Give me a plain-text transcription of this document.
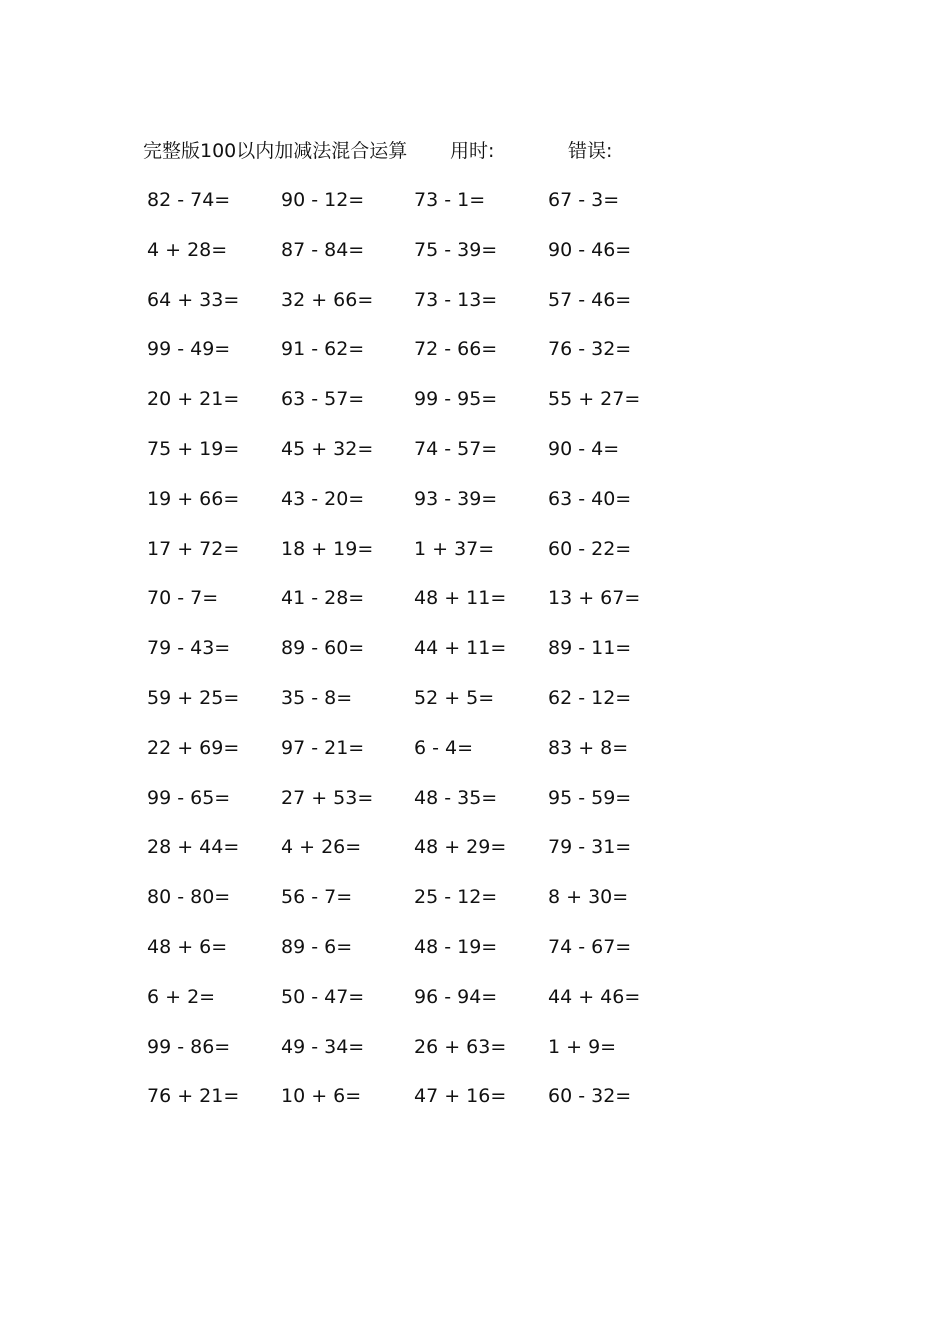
完整版100以内加减法混合运算 用时:	错误:
82 - 74=	90 - 12=	73 - 1=	67 - 3=
4 + 28=	87 - 84=	75 - 39=	90 - 46=
64 + 33= 32 + 66= 73 - 13=	57 - 46=
99 - 49=	91 - 62=	72 - 66=	76 - 32=
20 + 21= 63 - 57=	99 - 95=	55 + 27=
75 + 19= 45 + 32= 74 - 57=	90 - 4=
19 + 66= 43 - 20=	93 - 39=	63 - 40=
17 + 72= 18 + 19= 1 + 37=	60 - 22=
70 - 7=	41 - 28=	48 + 11= 13 + 67=
79 - 43=	89 - 60=	44 + 11= 89 - 11=
59 + 25= 35 - 8=	52 + 5=	62 - 12=
22 + 69= 97 - 21=	6 - 4=	83 + 8=
99 - 65=	27 + 53= 48 - 35=	95 - 59=
28 + 44= 4 + 26=	48 + 29= 79 - 31=
80 - 80=	56 - 7=	25 - 12=	8 + 30=
48 + 6=	89 - 6=	48 - 19=	74 - 67=
6 + 2=	50 - 47=	96 - 94=	44 + 46=
99 - 86=	49 - 34=	26 + 63= 1 + 9=
76 + 21= 10 + 6=	47 + 16= 60 - 32=
